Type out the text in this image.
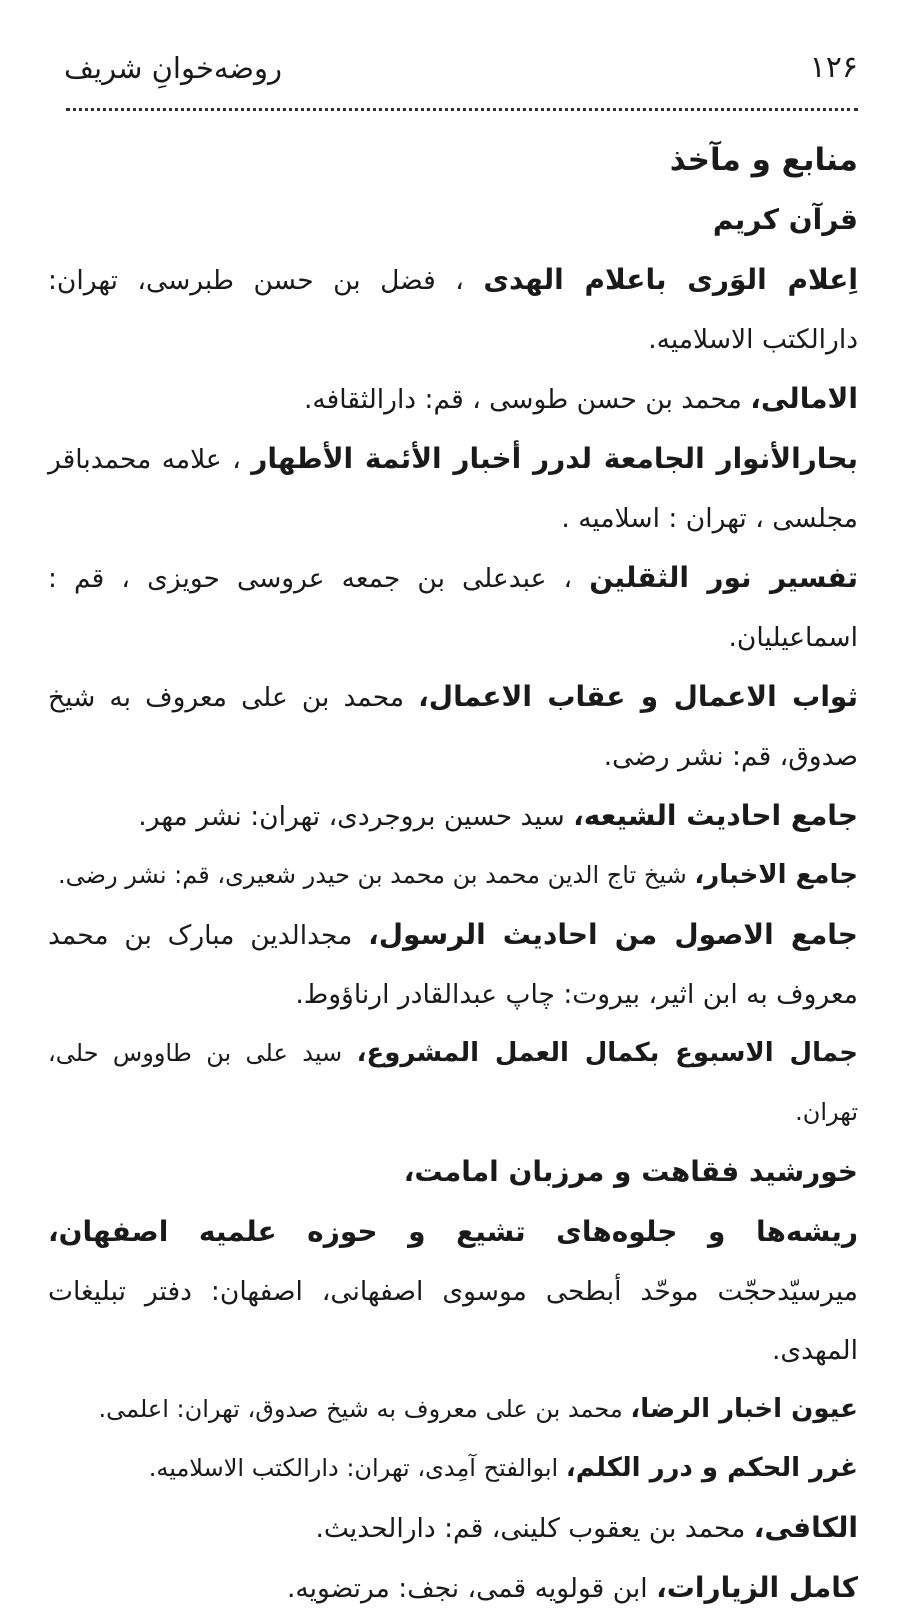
۱۲۶
روضه‌خوانِ شریف

منابع و مآخذ

قرآن کریم

اِعلام الوَری باعلام الهدی ، فضل بن حسن طبرسی، تهران: دارالکتب الاسلامیه.

الامالی، محمد بن حسن طوسی ، قم: دارالثقافه.

بحارالأنوار الجامعة لدرر أخبار الأئمة الأطهار ، علامه محمدباقر مجلسی ، تهران : اسلامیه .

تفسیر نور الثقلین ، عبدعلی بن جمعه عروسی حویزی ، قم : اسماعیلیان.

ثواب الاعمال و عقاب الاعمال، محمد بن علی معروف به شیخ صدوق، قم: نشر رضی.

جامع احادیث الشیعه، سید حسین بروجردی، تهران: نشر مهر.

جامع الاخبار، شیخ تاج الدین محمد بن محمد بن حیدر شعیری، قم: نشر رضی.

جامع الاصول من احادیث الرسول، مجدالدین مبارک بن محمد معروف به ابن اثیر، بیروت: چاپ عبدالقادر ارناؤوط.

جمال الاسبوع بکمال العمل المشروع، سید علی بن طاووس حلی، تهران.

خورشید فقاهت و مرزبان امامت،

ریشه‌ها و جلوه‌های تشیع و حوزه علمیه اصفهان، میرسیّدحجّت موحّد أبطحی موسوی اصفهانی، اصفهان: دفتر تبلیغات المهدی.

عیون اخبار الرضا، محمد بن علی معروف به شیخ صدوق، تهران: اعلمی.

غرر الحکم و درر الکلم، ابوالفتح آمِدی، تهران: دارالکتب الاسلامیه.

الکافی، محمد بن یعقوب کلینی، قم: دارالحدیث.

کامل الزیارات، ابن قولویه قمی، نجف: مرتضویه.
